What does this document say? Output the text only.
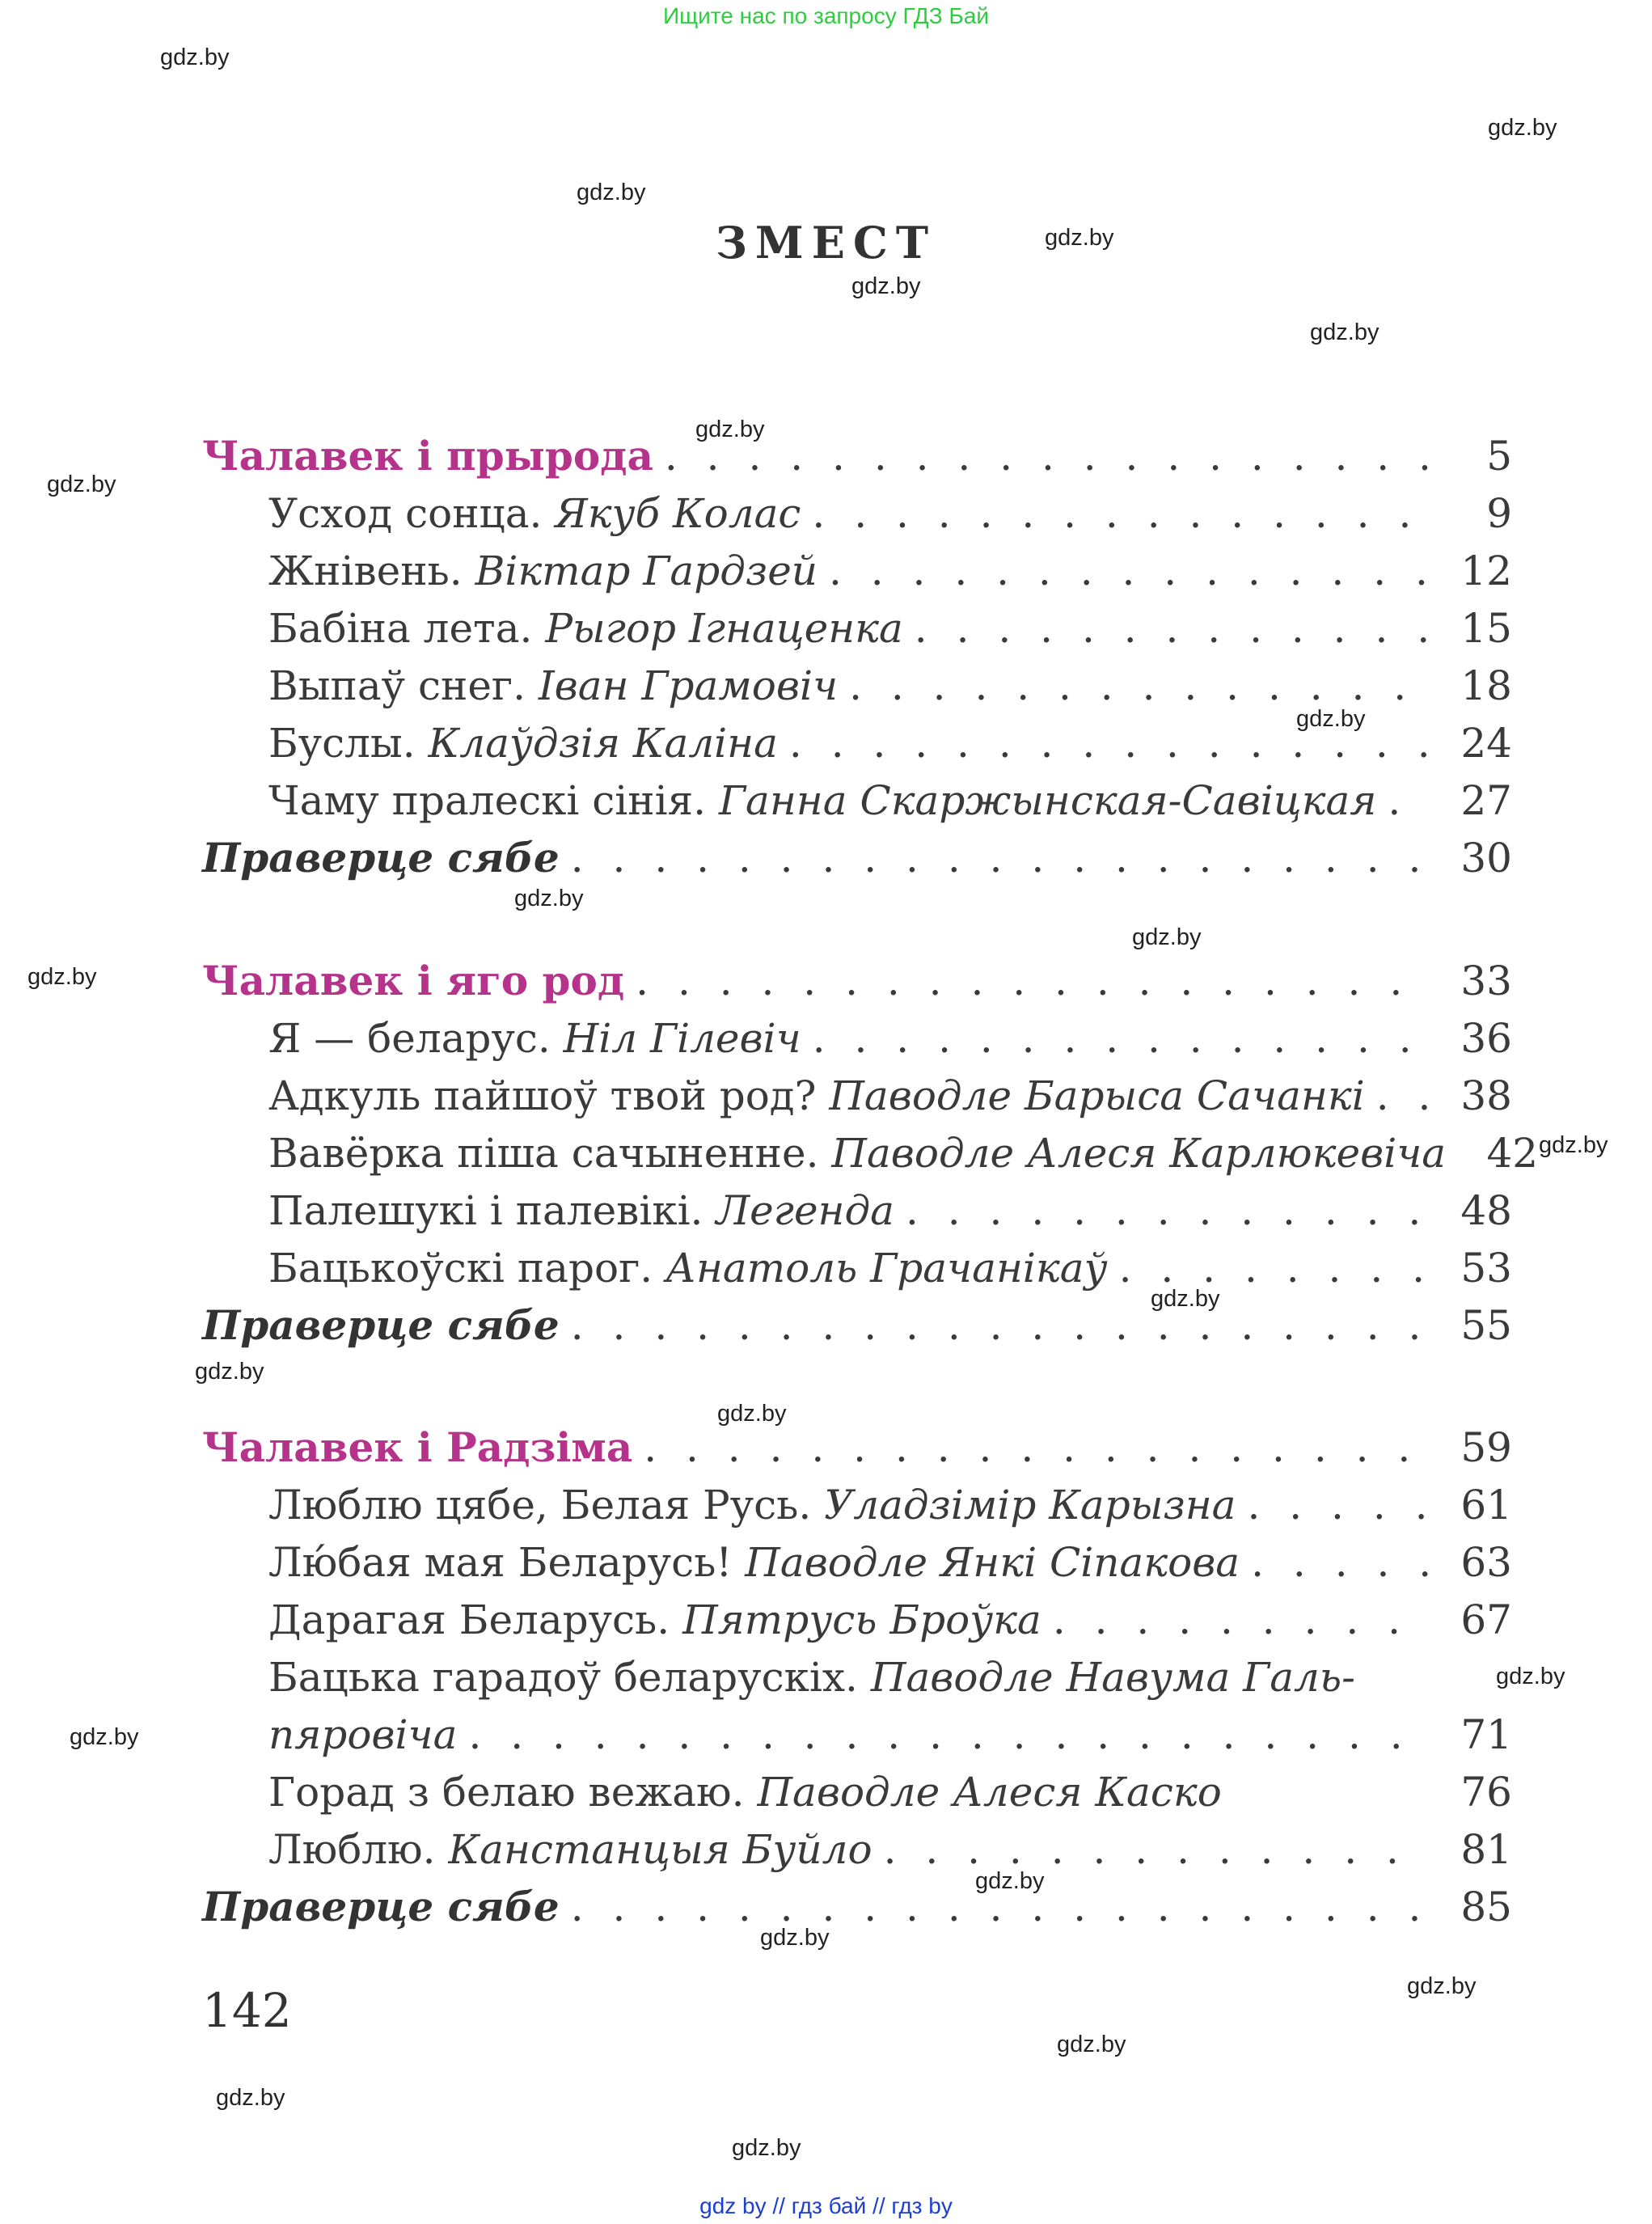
Ищите нас по запросу ГДЗ Бай
gdz.by
gdz.by
gdz.by
gdz.by
gdz.by
gdz.by
gdz.by
gdz.by
gdz.by
gdz.by
gdz.by
gdz.by
gdz.by
gdz.by
gdz.by
gdz.by
gdz.by
gdz.by
gdz.by
gdz.by
gdz.by
gdz.by
gdz.by
gdz.by
ЗМЕСТ
Чалавек і прырода . . .	5
Усход сонца. Якуб Колас . . .	9
Жнівень. Віктар Гардзей . . .	12
Бабіна лета. Рыгор Ігнаценка . . .	15
Выпаў снег. Іван Грамовіч . . .	18
Буслы. Клаўдзія Каліна . . .	24
Чаму пралескі сінія. Ганна Скаржынская-Савіцкая . . .	27
Праверце сябе . . .	30
Чалавек і яго род . . .	33
Я — беларус. Ніл Гілевіч . . .	36
Адкуль пайшоў твой род? Паводле Барыса Сачанкі . . .	38
Вавёрка піша сачыненне. Паводле Алеся Карлюкевіча . . .	42
Палешукі і палевікі. Легенда . . .	48
Бацькоўскі парог. Анатоль Грачанікаў . . .	53
Праверце сябе . . .	55
Чалавек і Радзіма . . .	59
Люблю цябе, Белая Русь. Уладзімір Карызна . . .	61
Лю́бая мая Беларусь! Паводле Янкі Сіпакова . . .	63
Дарагая Беларусь. Пятрусь Броўка . . .	67
Бацька гарадоў беларускіх. Паводле Навума Галь-
пяровіча . . .	71
Горад з белаю вежаю. Паводле Алеся Каско	76
Люблю. Канстанцыя Буйло . . .	81
Праверце сябе . . .	85
142
gdz by // гдз бай // гдз by
